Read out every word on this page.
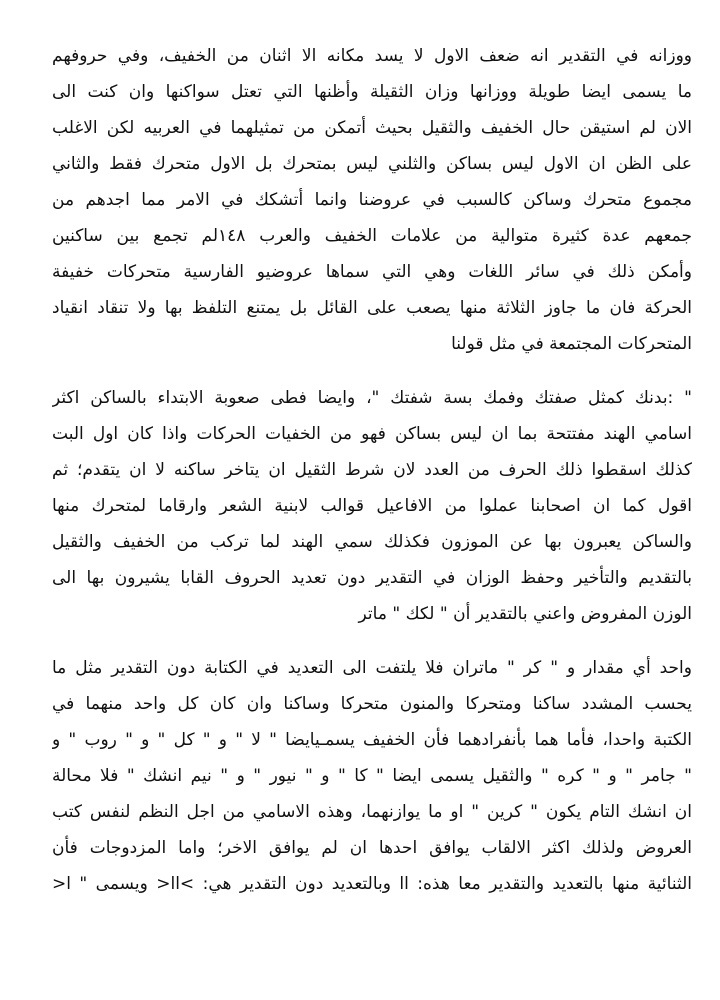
ووزانه في التقدير انه ضعف الاول لا يسد مكانه الا اثنان من الخفيف، وفي حروفهم
ما يسمى ايضا طويلة ووزانها وزان الثقيلة وأظنها التي تعتل سواكنها وان كنت الى
الان لم استيقن حال الخفيف والثقيل بحيث أتمكن من تمثيلهما في العربيه لكن الاغلب
على الظن ان الاول ليس بساكن والثلني ليس بمتحرك بل الاول متحرك فقط والثاني
مجموع متحرك وساكن كالسبب في عروضنا وانما أتشكك في الامر مما اجدهم من
جمعهم عدة كثيرة متوالية من علامات الخفيف والعرب ١٤٨لم تجمع بين ساكنين
وأمكن ذلك في سائر اللغات وهي التي سماها عروضيو الفارسية متحركات خفيفة
الحركة فان ما جاوز الثلاثة منها يصعب على القائل بل يمتنع التلفظ بها ولا تنقاد انقياد
المتحركات المجتمعة في مثل قولنا
" :بدنك كمثل صفتك وفمك بسة شفتك "، وايضا فطى صعوبة الابتداء بالساكن اكثر
اسامي الهند مفتتحة بما ان ليس بساكن فهو من الخفيات الحركات واذا كان اول البت
كذلك اسقطوا ذلك الحرف من العدد لان شرط الثقيل ان يتاخر ساكنه لا ان يتقدم؛ ثم
اقول كما ان اصحابنا عملوا من الافاعيل قوالب لابنية الشعر وارقاما لمتحرك منها
والساكن يعبرون بها عن الموزون فكذلك سمي الهند لما تركب من الخفيف والثقيل
بالتقديم والتأخير وحفظ الوزان في التقدير دون تعديد الحروف القابا يشيرون بها الى
الوزن المفروض واعني بالتقدير أن " لكك " ماتر
واحد أي مقدار و " كر " ماتران فلا يلتفت الى التعديد في الكتابة دون التقدير مثل ما
يحسب المشدد ساكنا ومتحركا والمنون متحركا وساكنا وان كان كل واحد منهما في
الكتبة واحدا، فأما هما بأنفرادهما فأن الخفيف يسمـيايضا " لا " و " كل " و " روب " و
" جامر " و " كره " والثقيل يسمى ايضا " كا " و " نيور " و " نيم انشك " فلا محالة
ان انشك التام يكون " كرين " او ما يوازنهما، وهذه الاسامي من اجل النظم لنفس كتب
العروض ولذلك اكثر الالقاب يوافق احدها ان لم يوافق الاخر؛ واما المزدوجات فأن
الثنائية منها بالتعديد والتقدير معا هذه: اا وبالتعديد دون التقدير هي: >اا< ويسمى " ا<
